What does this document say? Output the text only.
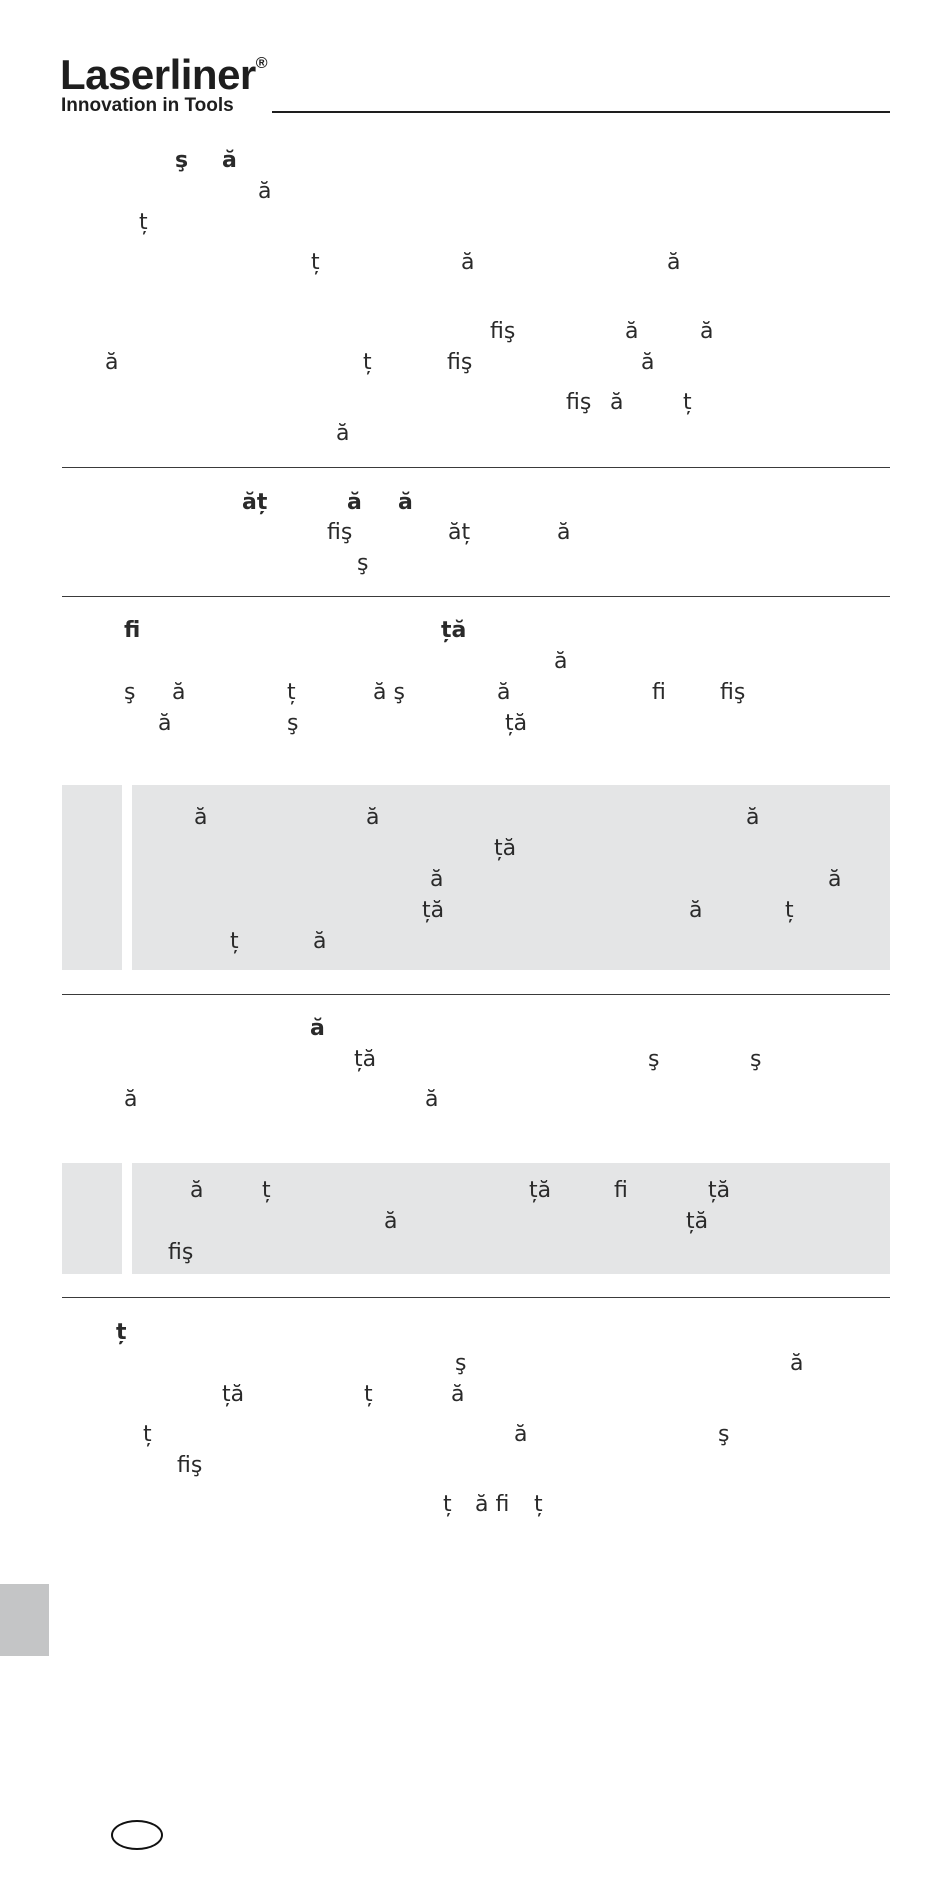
Laserliner®
Innovation in Tools
ş ă
ă
ț
ț	ă	ă
fiş	ă	ă
ă	ț	fiş	ă
fiş ă	ț
ă
ăț	ă ă
fiş	ăț	ă
ş
fi	ță
ă
ş ă	ț	ă ş	ă	fi fiş
ă	ş	ță
ă	ă	ă
ță
ă	ă
ță	ă	ț
ț	ă
ă
ță	ş	ş
ă	ă
ă	ț	ță	fi	ță
ă	ță
fiş
ț
ş	ă
ță	ț	ă
ț	ă	ş
fiş
ț ă fi ț
